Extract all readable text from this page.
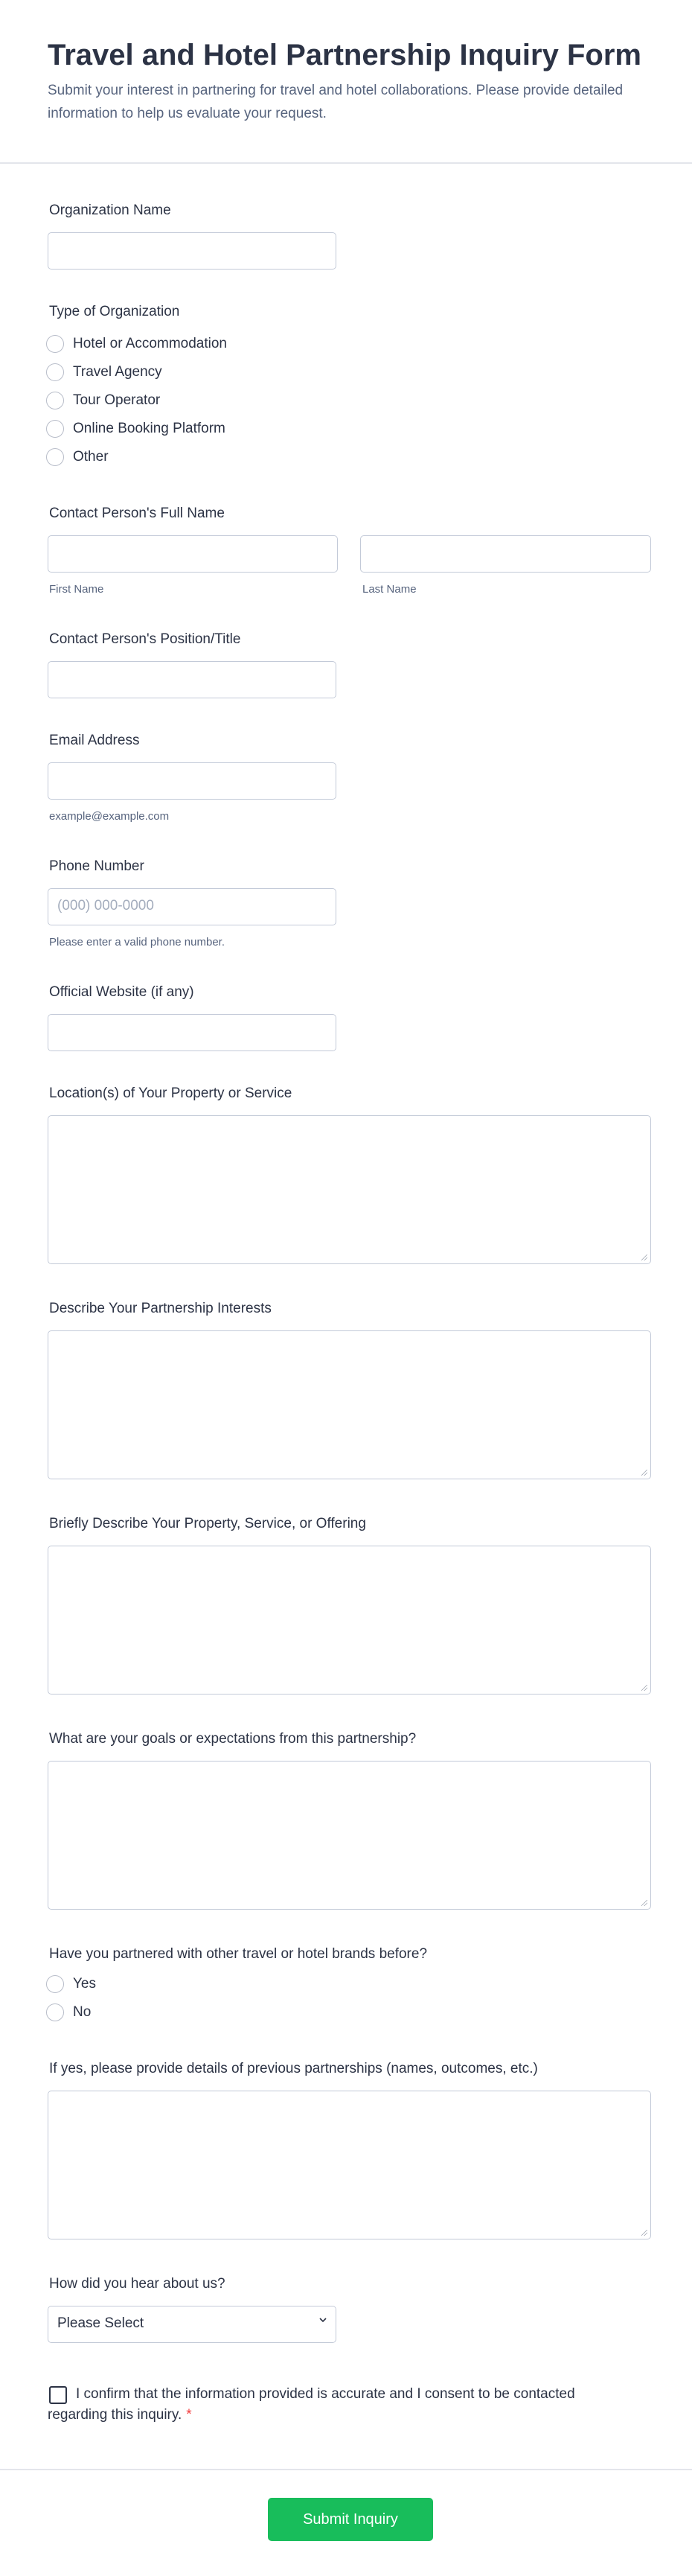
Travel and Hotel Partnership Inquiry Form
Submit your interest in partnering for travel and hotel collaborations. Please provide detailed information to help us evaluate your request.
Organization Name
Type of Organization
Hotel or Accommodation
Travel Agency
Tour Operator
Online Booking Platform
Other
Contact Person's Full Name
First Name	Last Name
Contact Person's Position/Title
Email Address
example@example.com
Phone Number
(000) 000-0000
Please enter a valid phone number.
Official Website (if any)
Location(s) of Your Property or Service
Describe Your Partnership Interests
Briefly Describe Your Property, Service, or Offering
What are your goals or expectations from this partnership?
Have you partnered with other travel or hotel brands before?
Yes
No
If yes, please provide details of previous partnerships (names, outcomes, etc.)
How did you hear about us?
Please Select
I confirm that the information provided is accurate and I consent to be contacted regarding this inquiry. *
Submit Inquiry
